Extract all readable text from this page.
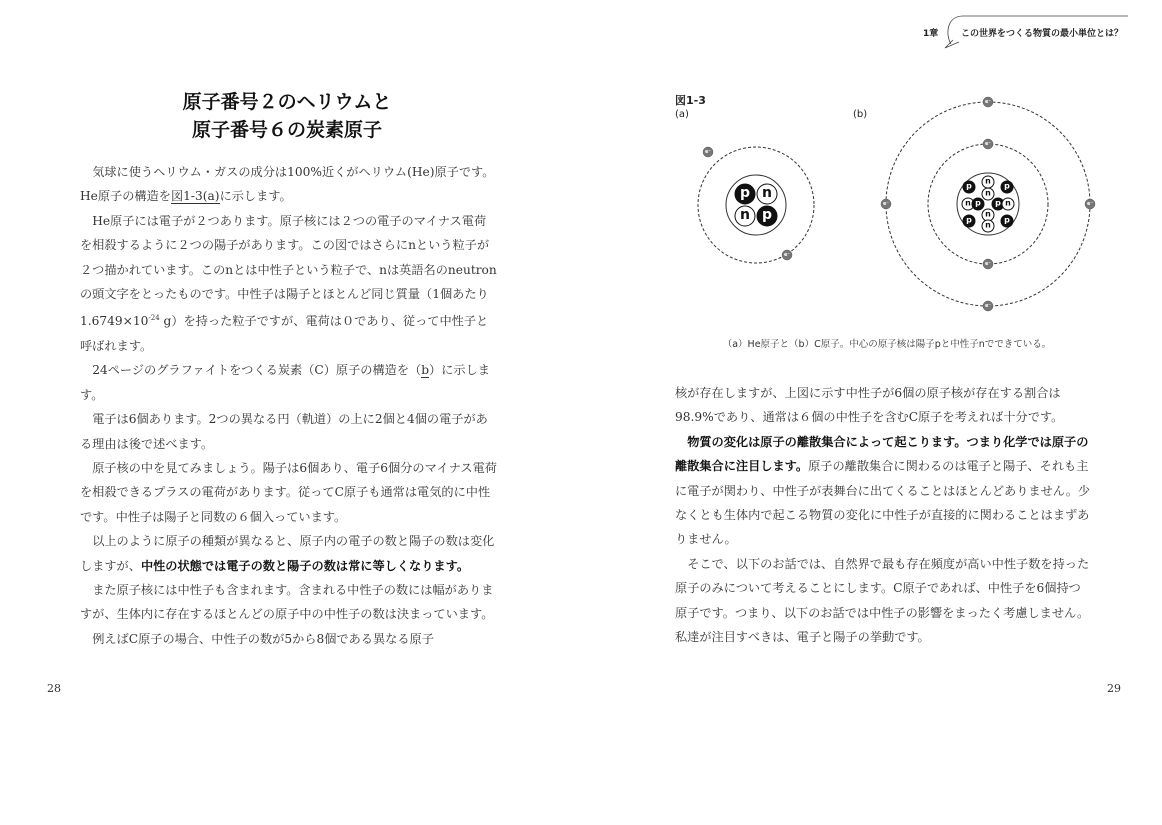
原子番号２のヘリウムと
原子番号６の炭素原子

気球に使うヘリウム・ガスの成分は100%近くがヘリウム(He)原子です。He原子の構造を図1-3(a)に示します。

He原子には電子が２つあります。原子核には２つの電子のマイナス電荷を相殺するように２つの陽子があります。この図ではさらにnという粒子が２つ描かれています。このnとは中性子という粒子で、nは英語名のneutronの頭文字をとったものです。中性子は陽子とほとんど同じ質量（1個あたり$1.6749\times 10^{-24}$ g）を持った粒子ですが、電荷は０であり、従って中性子と呼ばれます。

24ページのグラファイトをつくる炭素（C）原子の構造を（b）に示します。

電子は6個あります。2つの異なる円（軌道）の上に2個と4個の電子がある理由は後で述べます。

原子核の中を見てみましょう。陽子は6個あり、電子6個分のマイナス電荷を相殺できるプラスの電荷があります。従ってC原子も通常は電気的に中性です。中性子は陽子と同数の６個入っています。

以上のように原子の種類が異なると、原子内の電子の数と陽子の数は変化しますが、中性の状態では電子の数と陽子の数は常に等しくなります。

また原子核には中性子も含まれます。含まれる中性子の数には幅がありますが、生体内に存在するほとんどの原子中の中性子の数は決まっています。

例えばC原子の場合、中性子の数が5から8個である異なる原子

28
1章	この世界をつくる物質の最小単位とは？
図1-3
(a)	(b)
p n
n p
e⁻
e⁻
p
n
p
n
n p p n
n
p
n
p
e⁻
e⁻
e⁻	e⁻
e⁻
e⁻
（a）He原子と（b）C原子。中心の原子核は陽子pと中性子nでできている。

核が存在しますが、上図に示す中性子が6個の原子核が存在する割合は98.9%であり、通常は６個の中性子を含むC原子を考えれば十分です。

物質の変化は原子の離散集合によって起こります。つまり化学では原子の離散集合に注目します。原子の離散集合に関わるのは電子と陽子、それも主に電子が関わり、中性子が表舞台に出てくることはほとんどありません。少なくとも生体内で起こる物質の変化に中性子が直接的に関わることはまずありません。

そこで、以下のお話では、自然界で最も存在頻度が高い中性子数を持った原子のみについて考えることにします。C原子であれば、中性子を6個持つ原子です。つまり、以下のお話では中性子の影響をまったく考慮しません。私達が注目すべきは、電子と陽子の挙動です。

29
